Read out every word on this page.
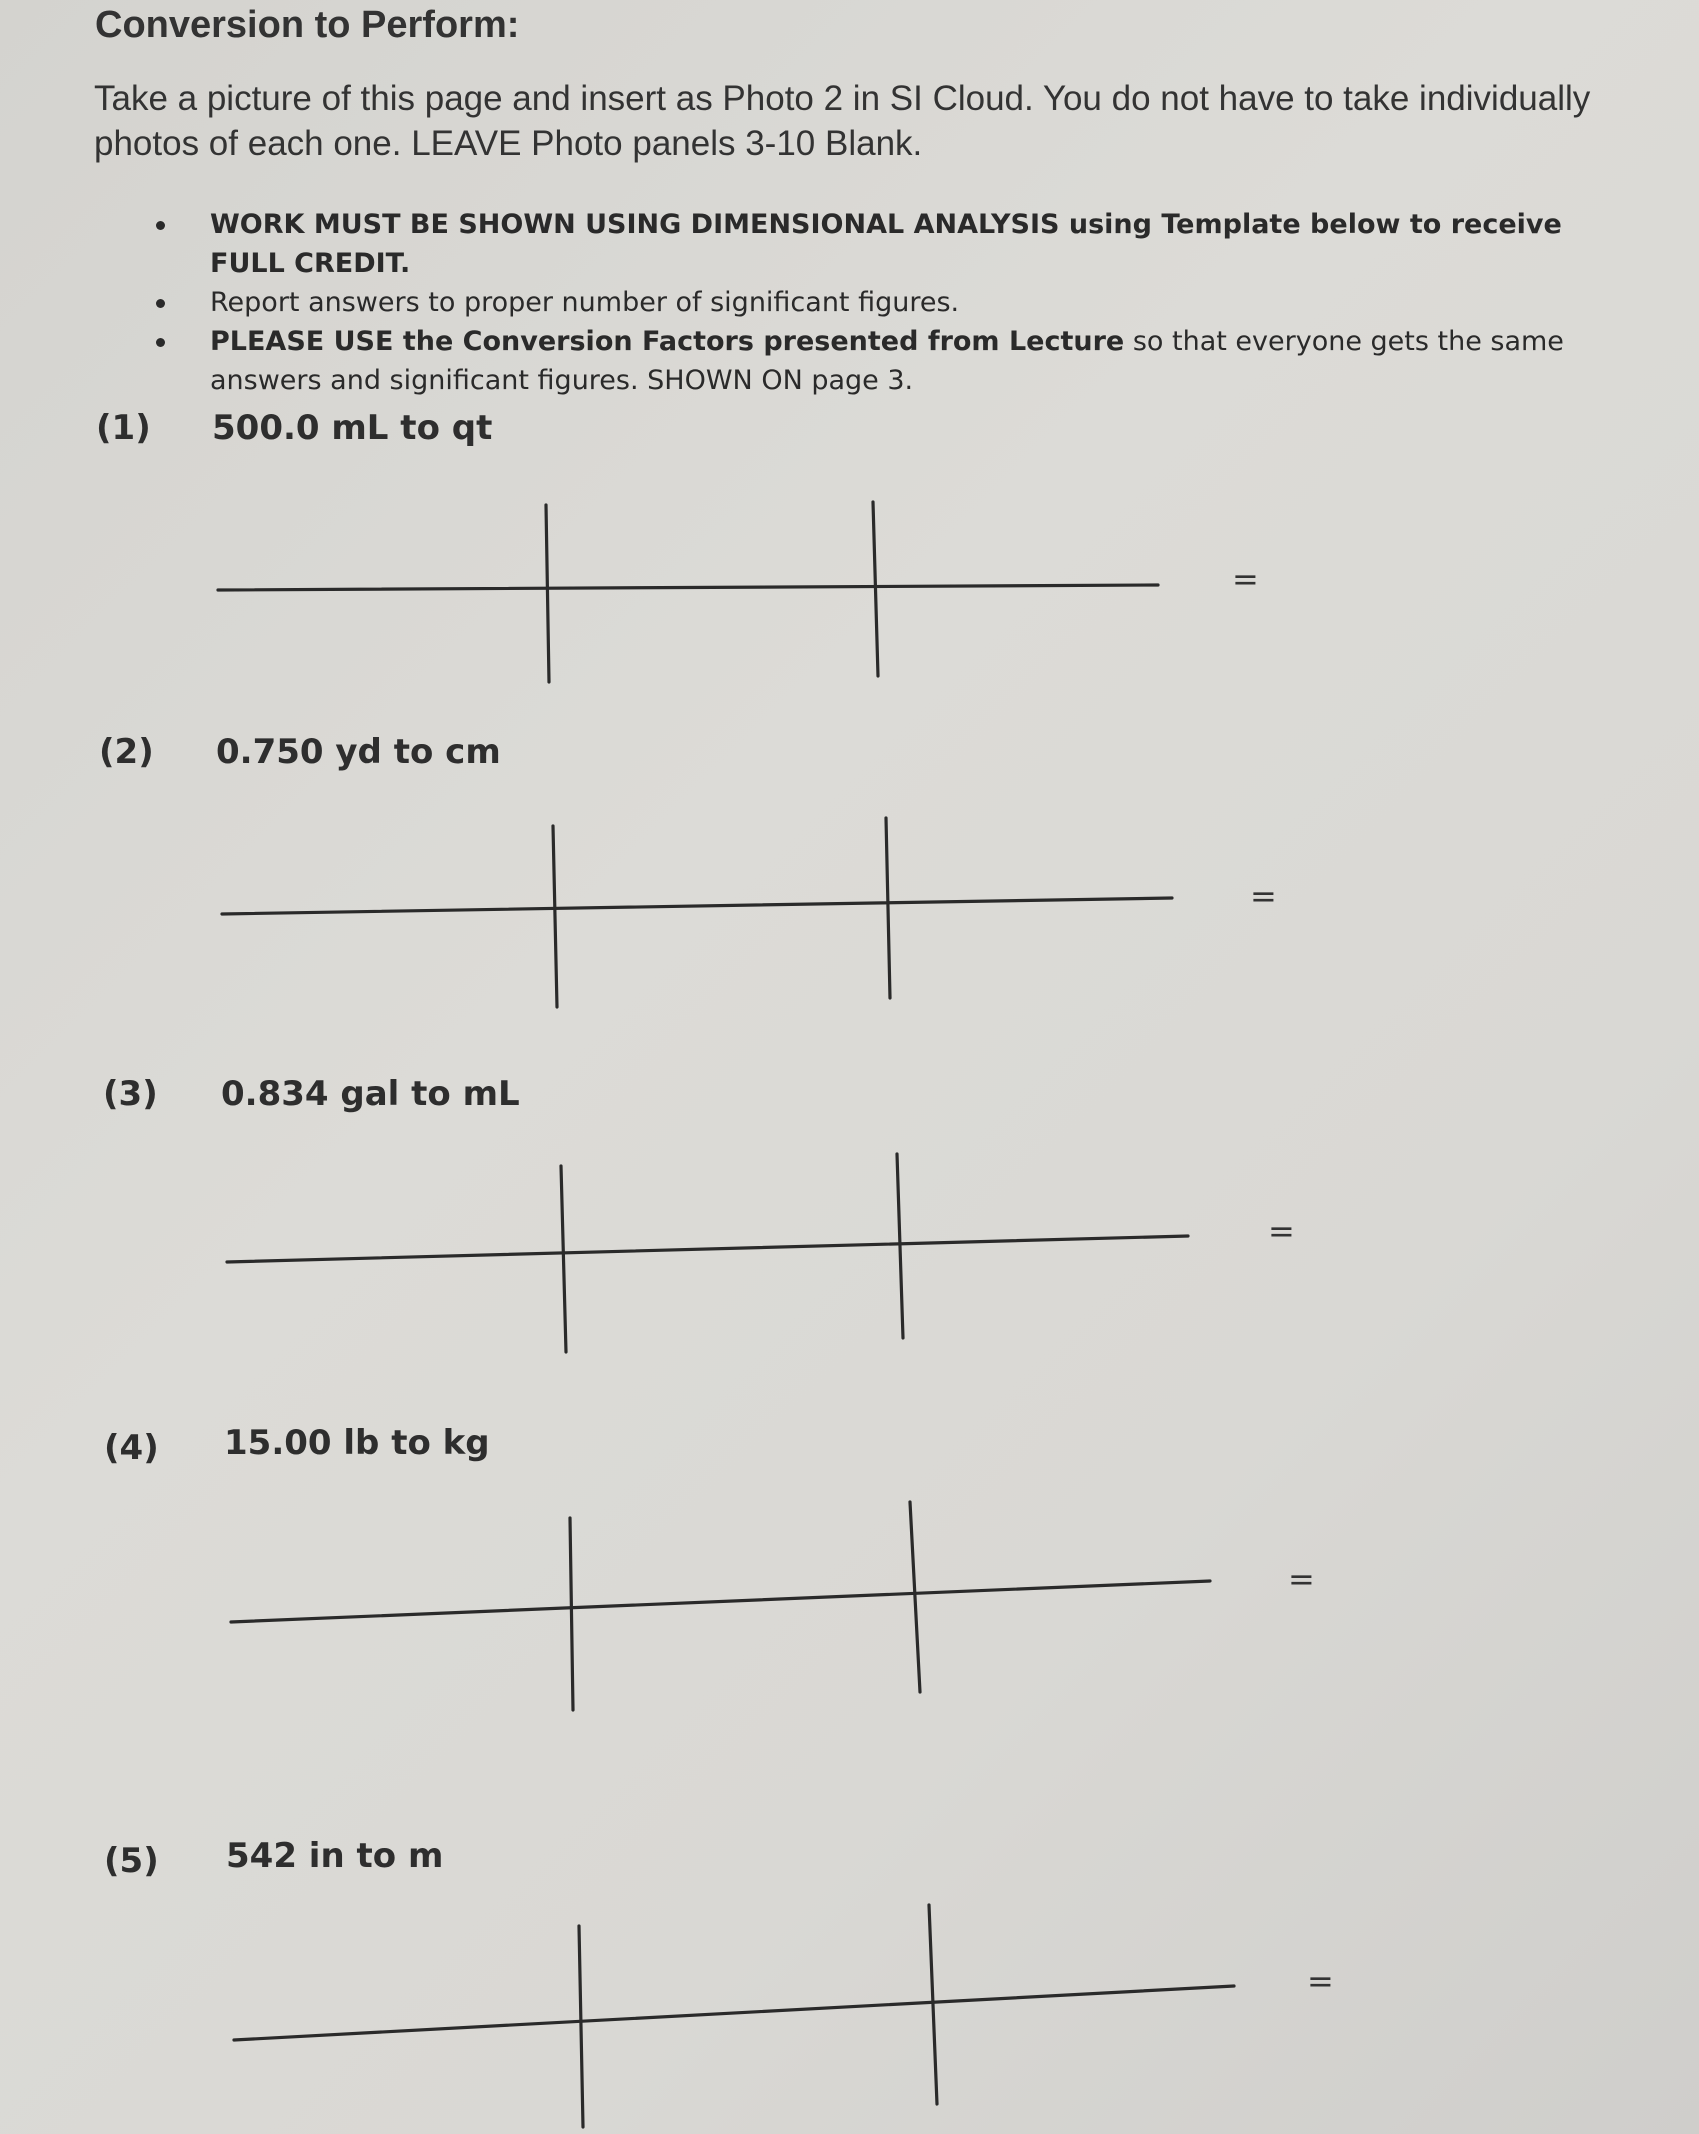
Conversion to Perform:
Take a picture of this page and insert as Photo 2 in SI Cloud. You do not have to take individually photos of each one. LEAVE Photo panels 3-10 Blank.
WORK MUST BE SHOWN USING DIMENSIONAL ANALYSIS using Template below to receive FULL CREDIT.
Report answers to proper number of significant figures.
PLEASE USE the Conversion Factors presented from Lecture so that everyone gets the same answers and significant figures. SHOWN ON page 3.
(1) 500.0 mL to qt
=
(2) 0.750 yd to cm
=
(3) 0.834 gal to mL
=
(4) 15.00 lb to kg
=
(5) 542 in to m
=
